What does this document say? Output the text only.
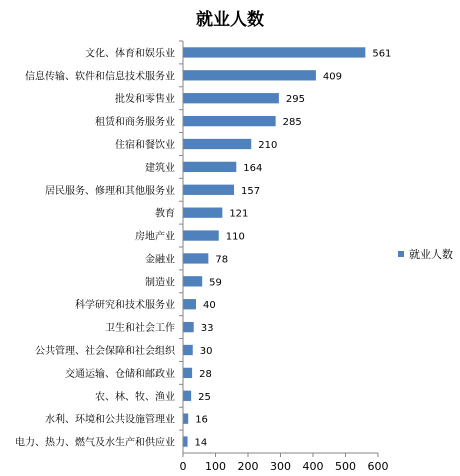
就业人数
文化、体育和娱乐业
信息传输、软件和信息技术服务业
批发和零售业
租赁和商务服务业
住宿和餐饮业
建筑业
居民服务、修理和其他服务业
教育
房地产业
金融业
制造业
科学研究和技术服务业
卫生和社会工作
公共管理、社会保障和社会组织
交通运输、仓储和邮政业
农、林、牧、渔业
水利、环境和公共设施管理业
电力、热力、燃气及水生产和供应业
561
409
295
285
210
164
157
121
110
78
59
40
33
30
28
25
16
14
0 100 200 300 400 500 600
就业人数
